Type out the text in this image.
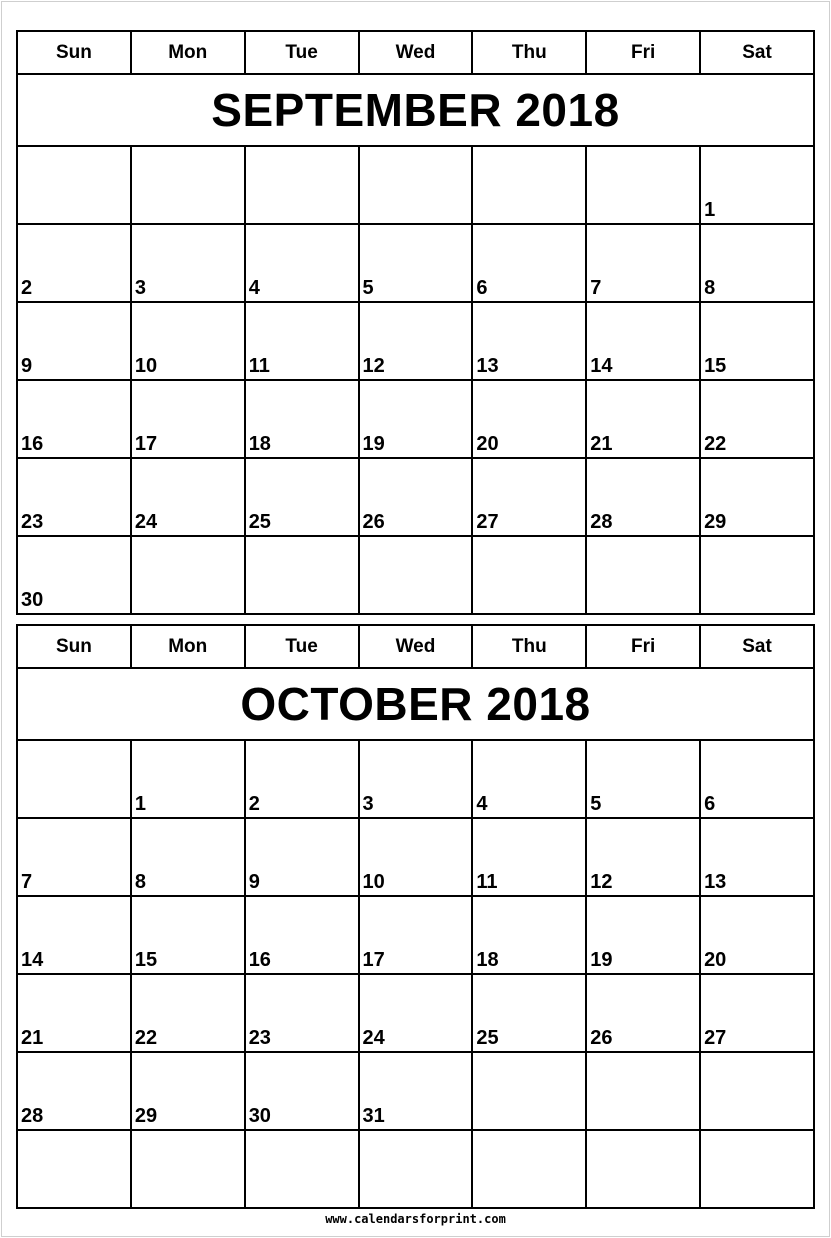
Sun	Mon	Tue	Wed	Thu	Fri	Sat
SEPTEMBER 2018						

						1

2	3	4	5	6	7	8

9	10	11	12	13	14	15

16	17	18	19	20	21	22

23	24	25	26	27	28	29

30						

Sun	Mon	Tue	Wed	Thu	Fri	Sat
OCTOBER 2018						

	1	2	3	4	5	6

7	8	9	10	11	12	13

14	15	16	17	18	19	20

21	22	23	24	25	26	27

28	29	30	31			

www.calendarsforprint.com
